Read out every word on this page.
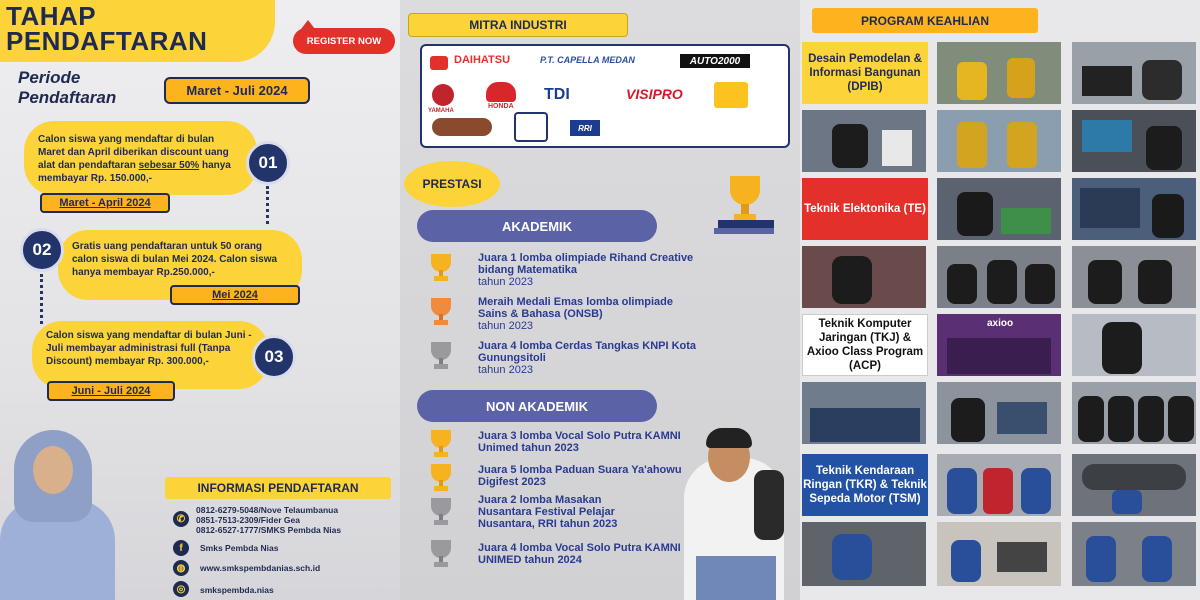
TAHAP
PENDAFTARAN	REGISTER NOW
Periode
Pendaftaran	Maret - Juli 2024
Calon siswa yang mendaftar di bulan Maret dan April diberikan discount uang alat dan pendaftaran sebesar 50% hanya membayar Rp. 150.000,-
01
Maret - April 2024
Gratis uang pendaftaran untuk 50 orang calon siswa di bulan Mei 2024. Calon siswa hanya membayar Rp.250.000,-
02
Mei 2024
Calon siswa yang mendaftar di bulan Juni - Juli membayar administrasi full (Tanpa Discount) membayar Rp. 300.000,-	03
Juni - Juli 2024
INFORMASI PENDAFTARAN
✆
0812-6279-5048/Nove Telaumbanua
0851-7513-2309/Fider Gea
0812-6527-1777/SMKS Pembda Nias
f	Smks Pembda Nias
◍	www.smkspembdanias.sch.id
◎	smkspembda.nias
MITRA INDUSTRI
DAIHATSU	P.T. CAPELLA MEDAN	AUTO2000
YAMAHA
HONDA
TDI	VISIPRO
RRI
PRESTASI
AKADEMIK
Juara 1 lomba olimpiade Rihand Creative bidang Matematika
tahun 2023
Meraih Medali Emas lomba olimpiade Sains & Bahasa (ONSB)
tahun 2023
Juara 4 lomba Cerdas Tangkas KNPI Kota Gunungsitoli
tahun 2023
NON AKADEMIK
Juara 3 lomba Vocal Solo Putra KAMNI Unimed tahun 2023
Juara 5 lomba Paduan Suara Ya'ahowu Digifest 2023
Juara 2 lomba Masakan Nusantara Festival Pelajar Nusantara, RRI tahun 2023
Juara 4 lomba Vocal Solo Putra KAMNI UNIMED tahun 2024
PROGRAM KEAHLIAN
Desain Pemodelan & Informasi Bangunan (DPIB)
Teknik Elektonika (TE)
Teknik Komputer Jaringan (TKJ) & Axioo Class Program (ACP)
axioo
Teknik Kendaraan Ringan (TKR) & Teknik Sepeda Motor (TSM)
